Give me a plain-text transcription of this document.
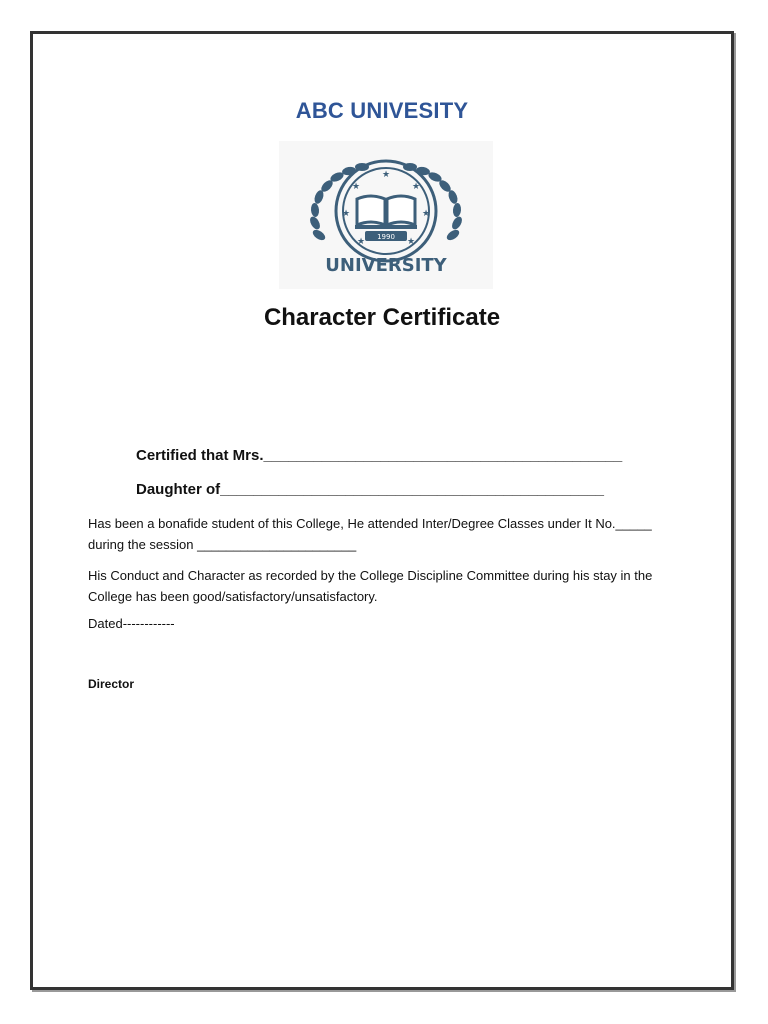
ABC UNIVESITY
★
★	★
★	★
★	★
1990
UNIVERSITY
Character Certificate
Certified that Mrs.___________________________________________
Daughter of______________________________________________
Has been a bonafide student of this College, He attended Inter/Degree Classes under It No._____ during the session ______________________
His Conduct and Character as recorded by the College Discipline Committee during his stay in the College has been good/satisfactory/unsatisfactory.
Dated------------
Director
